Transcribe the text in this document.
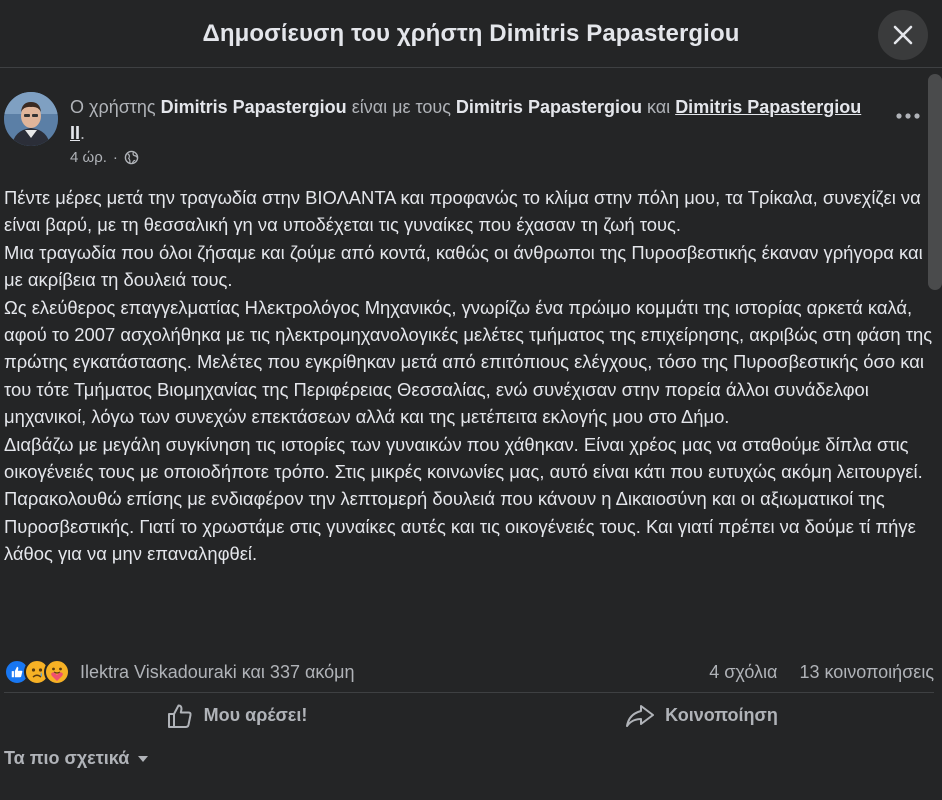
Δημοσίευση του χρήστη Dimitris Papastergiou
Ο χρήστης Dimitris Papastergiou είναι με τους Dimitris Papastergiou και Dimitris Papastergiou II.
4 ώρ. ·

Πέντε μέρες μετά την τραγωδία στην ΒΙΟΛΑΝΤΑ και προφανώς το κλίμα στην πόλη μου, τα Τρίκαλα, συνεχίζει να είναι βαρύ, με τη θεσσαλική γη να υποδέχεται τις γυναίκες που έχασαν τη ζωή τους.

Μια τραγωδία που όλοι ζήσαμε και ζούμε από κοντά, καθώς οι άνθρωποι της Πυροσβεστικής έκαναν γρήγορα και με ακρίβεια τη δουλειά τους.

Ως ελεύθερος επαγγελματίας Ηλεκτρολόγος Μηχανικός, γνωρίζω ένα πρώιμο κομμάτι της ιστορίας αρκετά καλά, αφού το 2007 ασχολήθηκα με τις ηλεκτρομηχανολογικές μελέτες τμήματος της επιχείρησης, ακριβώς στη φάση της πρώτης εγκατάστασης. Μελέτες που εγκρίθηκαν μετά από επιτόπιους ελέγχους, τόσο της Πυροσβεστικής όσο και του τότε Τμήματος Βιομηχανίας της Περιφέρειας Θεσσαλίας, ενώ συνέχισαν στην πορεία άλλοι συνάδελφοι μηχανικοί, λόγω των συνεχών επεκτάσεων αλλά και της μετέπειτα εκλογής μου στο Δήμο.

Διαβάζω με μεγάλη συγκίνηση τις ιστορίες των γυναικών που χάθηκαν. Είναι χρέος μας να σταθούμε δίπλα στις οικογένειές τους με οποιοδήποτε τρόπο. Στις μικρές κοινωνίες μας, αυτό είναι κάτι που ευτυχώς ακόμη λειτουργεί.

Παρακολουθώ επίσης με ενδιαφέρον την λεπτομερή δουλειά που κάνουν η Δικαιοσύνη και οι αξιωματικοί της Πυροσβεστικής. Γιατί το χρωστάμε στις γυναίκες αυτές και τις οικογένειές τους. Και γιατί πρέπει να δούμε τί πήγε λάθος για να μην επαναληφθεί.

Ilektra Viskadouraki και 337 ακόμη	4 σχόλια 13 κοινοποιήσεις
Μου αρέσει!	Κοινοποίηση
Τα πιο σχετικά
